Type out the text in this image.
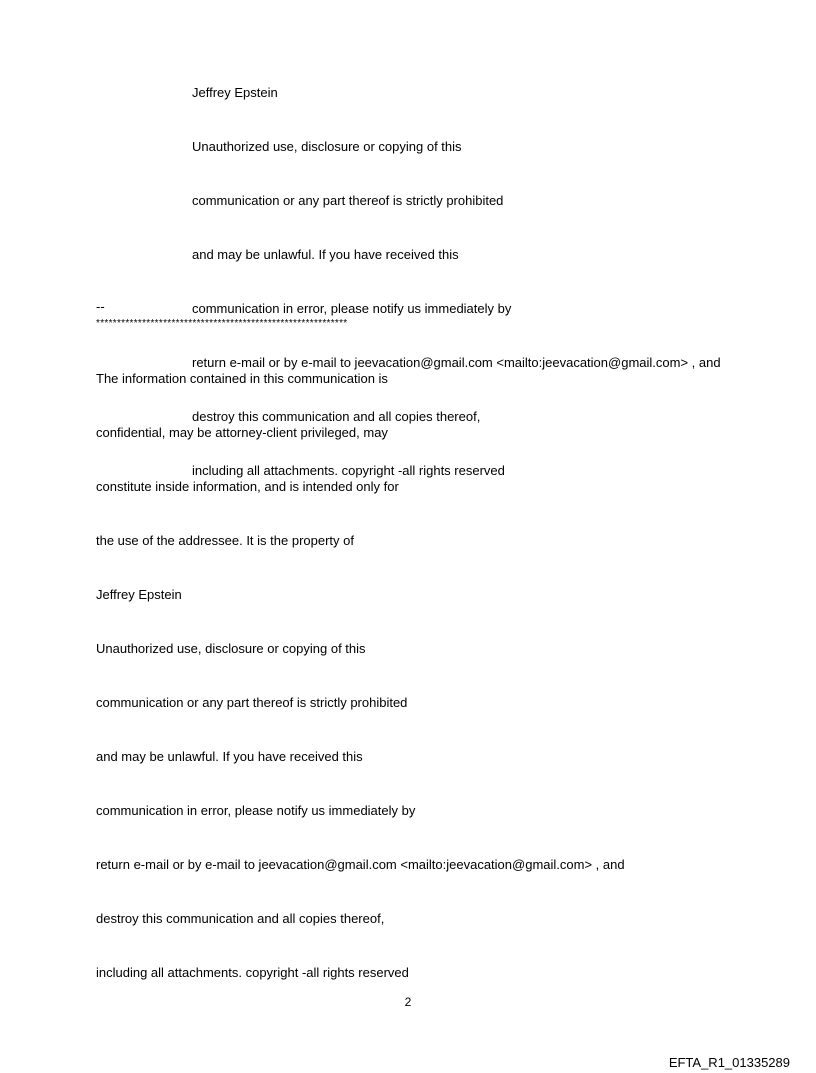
Jeffrey Epstein

Unauthorized use, disclosure or copying of this

communication or any part thereof is strictly prohibited

and may be unlawful. If you have received this

communication in error, please notify us immediately by

return e-mail or by e-mail to jeevacation@gmail.com <mailto:jeevacation@gmail.com> , and

destroy this communication and all copies thereof,

including all attachments. copyright -all rights reserved

--
************************************************************

The information contained in this communication is

confidential, may be attorney-client privileged, may

constitute inside information, and is intended only for

the use of the addressee. It is the property of

Jeffrey Epstein

Unauthorized use, disclosure or copying of this

communication or any part thereof is strictly prohibited

and may be unlawful. If you have received this

communication in error, please notify us immediately by

return e-mail or by e-mail to jeevacation@gmail.com <mailto:jeevacation@gmail.com> , and

destroy this communication and all copies thereof,

including all attachments. copyright -all rights reserved

2
EFTA_R1_01335289
